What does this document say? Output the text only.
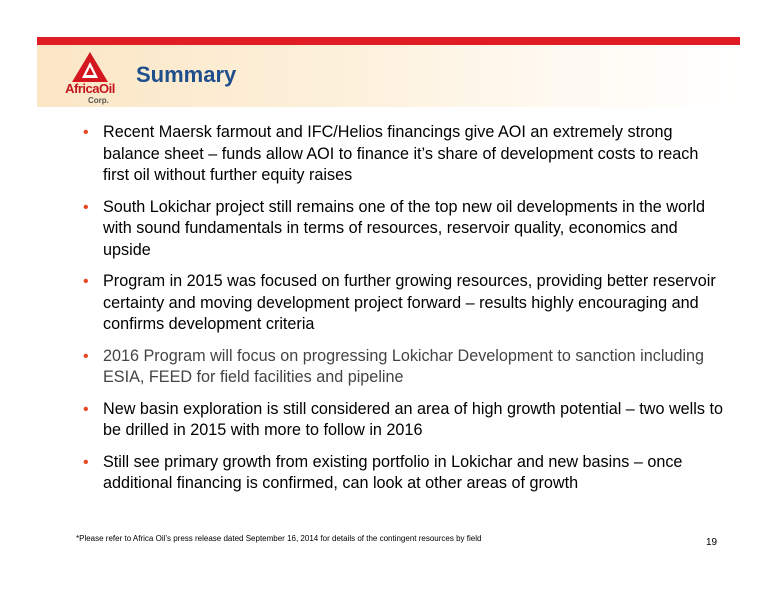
AfricaOil
Corp.
Summary
• Recent Maersk farmout and IFC/Helios financings give AOI an extremely strong balance sheet – funds allow AOI to finance it’s share of development costs to reach first oil without further equity raises
• South Lokichar project still remains one of the top new oil developments in the world with sound fundamentals in terms of resources, reservoir quality, economics and upside
• Program in 2015 was focused on further growing resources, providing better reservoir certainty and moving development project forward – results highly encouraging and confirms development criteria
• 2016 Program will focus on progressing Lokichar Development to sanction including ESIA, FEED for field facilities and pipeline
• New basin exploration is still considered an area of high growth potential – two wells to be drilled in 2015 with more to follow in 2016
• Still see primary growth from existing portfolio in Lokichar and new basins – once additional financing is confirmed, can look at other areas of growth
*Please refer to Africa Oil’s press release dated September 16, 2014 for details of the contingent resources by field	19
